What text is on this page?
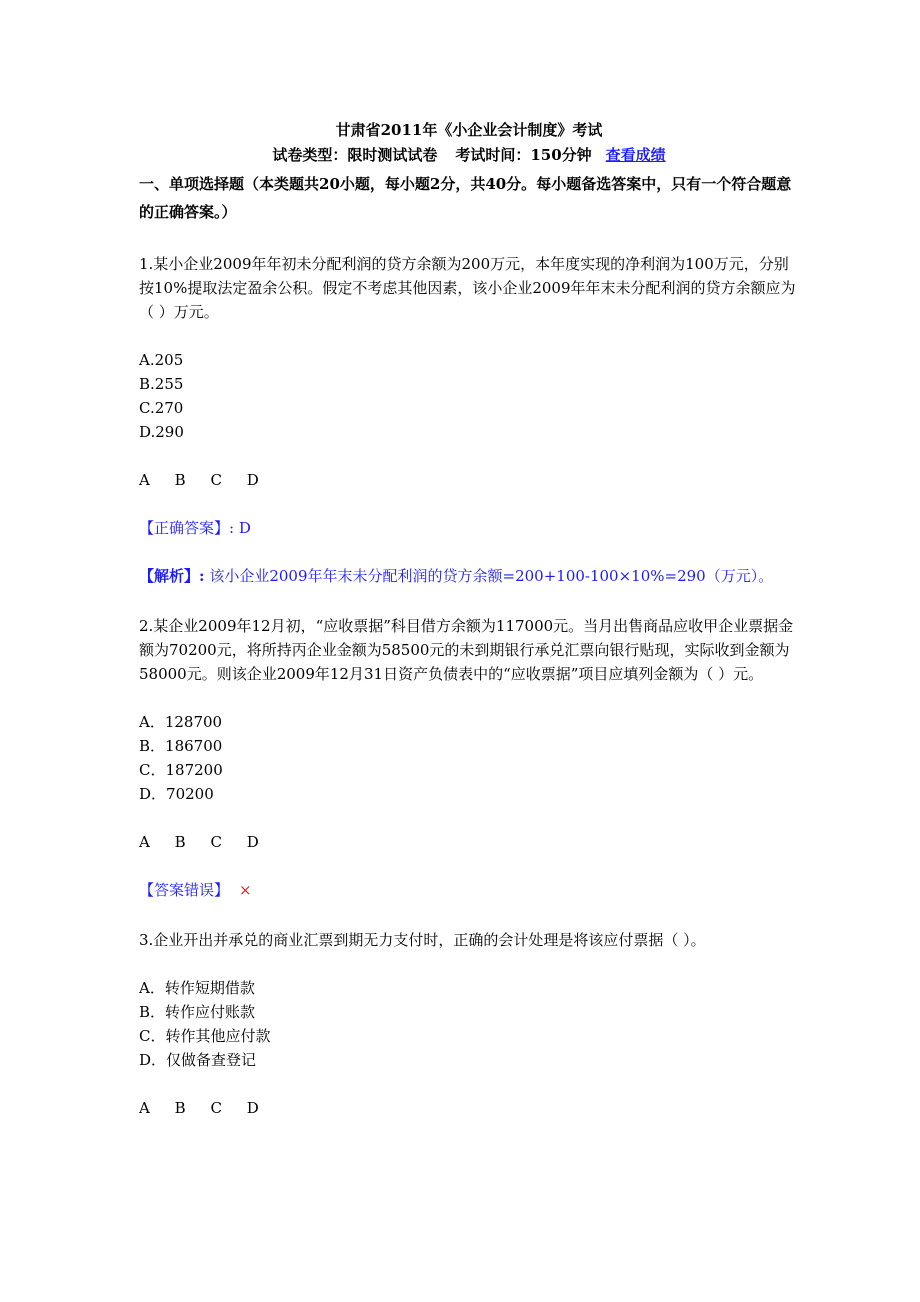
甘肃省2011年《小企业会计制度》考试

试卷类型：限时测试试卷 考试时间：150分钟 查看成绩

一、单项选择题（本类题共20小题，每小题2分，共40分。每小题备选答案中，只有一个符合题意的正确答案。）

1.某小企业2009年年初未分配利润的贷方余额为200万元，本年度实现的净利润为100万元，分别按10%提取法定盈余公积。假定不考虑其他因素，该小企业2009年年末未分配利润的贷方余额应为（ ）万元。

A.205
B.255
C.270
D.290
A B C D

【正确答案】: D

【解析】: 该小企业2009年年末未分配利润的贷方余额=200+100-100×10%=290（万元）。

2.某企业2009年12月初，“应收票据”科目借方余额为117000元。当月出售商品应收甲企业票据金额为70200元，将所持丙企业金额为58500元的未到期银行承兑汇票向银行贴现，实际收到金额为58000元。则该企业2009年12月31日资产负债表中的“应收票据”项目应填列金额为（ ）元。

A．128700
B．186700
C．187200
D．70200
A B C D

【答案错误】 ×

3.企业开出并承兑的商业汇票到期无力支付时，正确的会计处理是将该应付票据（ ）。

A．转作短期借款
B．转作应付账款
C．转作其他应付款
D．仅做备查登记
A B C D
